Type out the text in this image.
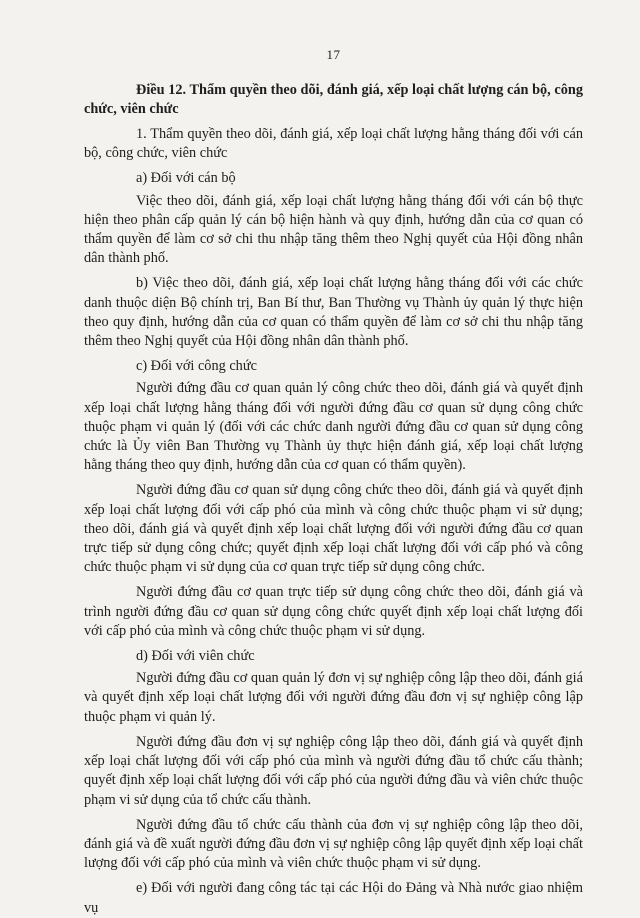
17
Điều 12. Thẩm quyền theo dõi, đánh giá, xếp loại chất lượng cán bộ, công chức, viên chức

1. Thẩm quyền theo dõi, đánh giá, xếp loại chất lượng hằng tháng đối với cán bộ, công chức, viên chức

a) Đối với cán bộ

Việc theo dõi, đánh giá, xếp loại chất lượng hằng tháng đối với cán bộ thực hiện theo phân cấp quản lý cán bộ hiện hành và quy định, hướng dẫn của cơ quan có thẩm quyền để làm cơ sở chi thu nhập tăng thêm theo Nghị quyết của Hội đồng nhân dân thành phố.

b) Việc theo dõi, đánh giá, xếp loại chất lượng hằng tháng đối với các chức danh thuộc diện Bộ chính trị, Ban Bí thư, Ban Thường vụ Thành ủy quản lý thực hiện theo quy định, hướng dẫn của cơ quan có thẩm quyền để làm cơ sở chi thu nhập tăng thêm theo Nghị quyết của Hội đồng nhân dân thành phố.

c) Đối với công chức

Người đứng đầu cơ quan quản lý công chức theo dõi, đánh giá và quyết định xếp loại chất lượng hằng tháng đối với người đứng đầu cơ quan sử dụng công chức thuộc phạm vi quản lý (đối với các chức danh người đứng đầu cơ quan sử dụng công chức là Ủy viên Ban Thường vụ Thành ủy thực hiện đánh giá, xếp loại chất lượng hằng tháng theo quy định, hướng dẫn của cơ quan có thẩm quyền).

Người đứng đầu cơ quan sử dụng công chức theo dõi, đánh giá và quyết định xếp loại chất lượng đối với cấp phó của mình và công chức thuộc phạm vi sử dụng; theo dõi, đánh giá và quyết định xếp loại chất lượng đối với người đứng đầu cơ quan trực tiếp sử dụng công chức; quyết định xếp loại chất lượng đối với cấp phó và công chức thuộc phạm vi sử dụng của cơ quan trực tiếp sử dụng công chức.

Người đứng đầu cơ quan trực tiếp sử dụng công chức theo dõi, đánh giá và trình người đứng đầu cơ quan sử dụng công chức quyết định xếp loại chất lượng đối với cấp phó của mình và công chức thuộc phạm vi sử dụng.

d) Đối với viên chức

Người đứng đầu cơ quan quản lý đơn vị sự nghiệp công lập theo dõi, đánh giá và quyết định xếp loại chất lượng đối với người đứng đầu đơn vị sự nghiệp công lập thuộc phạm vi quản lý.

Người đứng đầu đơn vị sự nghiệp công lập theo dõi, đánh giá và quyết định xếp loại chất lượng đối với cấp phó của mình và người đứng đầu tổ chức cấu thành; quyết định xếp loại chất lượng đối với cấp phó của người đứng đầu và viên chức thuộc phạm vi sử dụng của tổ chức cấu thành.

Người đứng đầu tổ chức cấu thành của đơn vị sự nghiệp công lập theo dõi, đánh giá và đề xuất người đứng đầu đơn vị sự nghiệp công lập quyết định xếp loại chất lượng đối với cấp phó của mình và viên chức thuộc phạm vi sử dụng.

e) Đối với người đang công tác tại các Hội do Đảng và Nhà nước giao nhiệm vụ
